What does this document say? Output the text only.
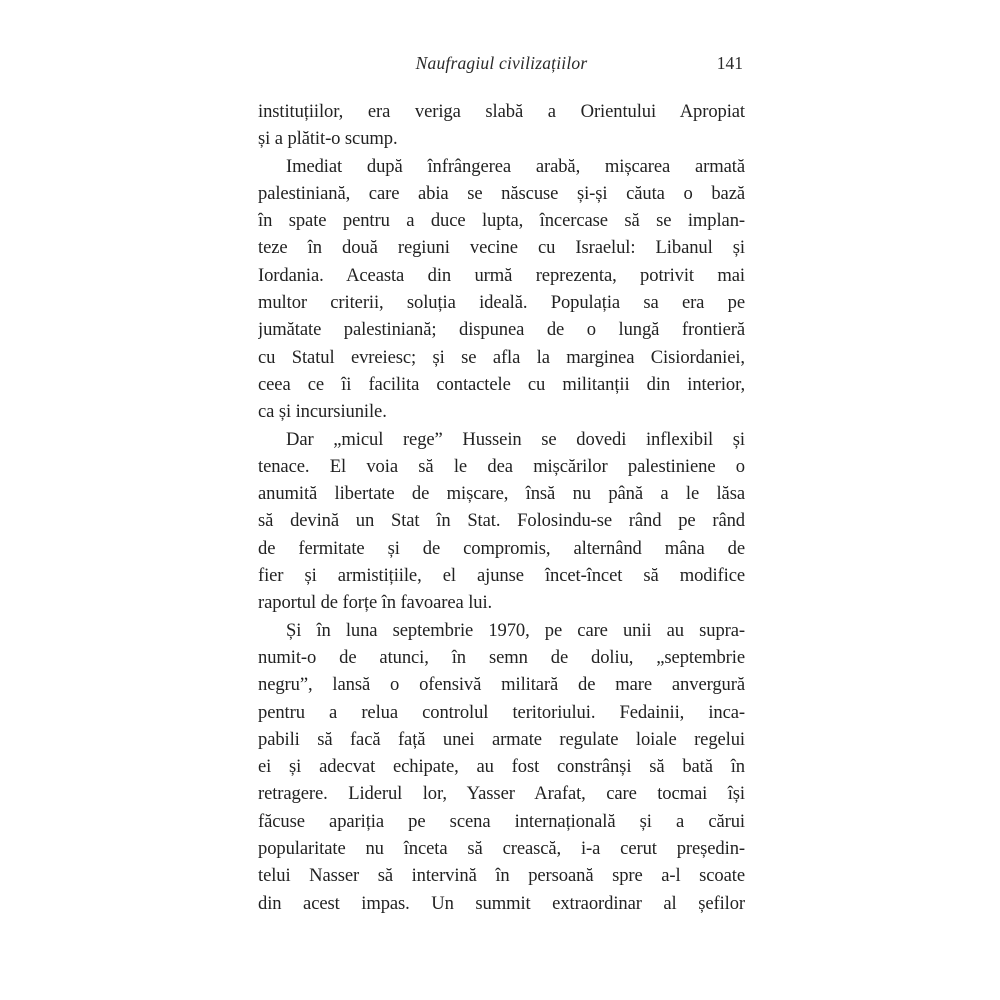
Naufragiul civilizațiilor	141
instituțiilor, era veriga slabă a Orientului Apropiat
și a plătit-o scump.
Imediat după înfrângerea arabă, mișcarea armată
palestiniană, care abia se născuse și-și căuta o bază
în spate pentru a duce lupta, încercase să se implan-
teze în două regiuni vecine cu Israelul: Libanul și
Iordania. Aceasta din urmă reprezenta, potrivit mai
multor criterii, soluția ideală. Populația sa era pe
jumătate palestiniană; dispunea de o lungă frontieră
cu Statul evreiesc; și se afla la marginea Cisiordaniei,
ceea ce îi facilita contactele cu militanții din interior,
ca și incursiunile.
Dar „micul rege” Hussein se dovedi inflexibil și
tenace. El voia să le dea mișcărilor palestiniene o
anumită libertate de mișcare, însă nu până a le lăsa
să devină un Stat în Stat. Folosindu-se rând pe rând
de fermitate și de compromis, alternând mâna de
fier și armistițiile, el ajunse încet-încet să modifice
raportul de forțe în favoarea lui.
Și în luna septembrie 1970, pe care unii au supra-
numit-o de atunci, în semn de doliu, „septembrie
negru”, lansă o ofensivă militară de mare anvergură
pentru a relua controlul teritoriului. Fedainii, inca-
pabili să facă față unei armate regulate loiale regelui
ei și adecvat echipate, au fost constrânși să bată în
retragere. Liderul lor, Yasser Arafat, care tocmai își
făcuse apariția pe scena internațională și a cărui
popularitate nu înceta să crească, i-a cerut președin-
telui Nasser să intervină în persoană spre a-l scoate
din acest impas. Un summit extraordinar al șefilor
